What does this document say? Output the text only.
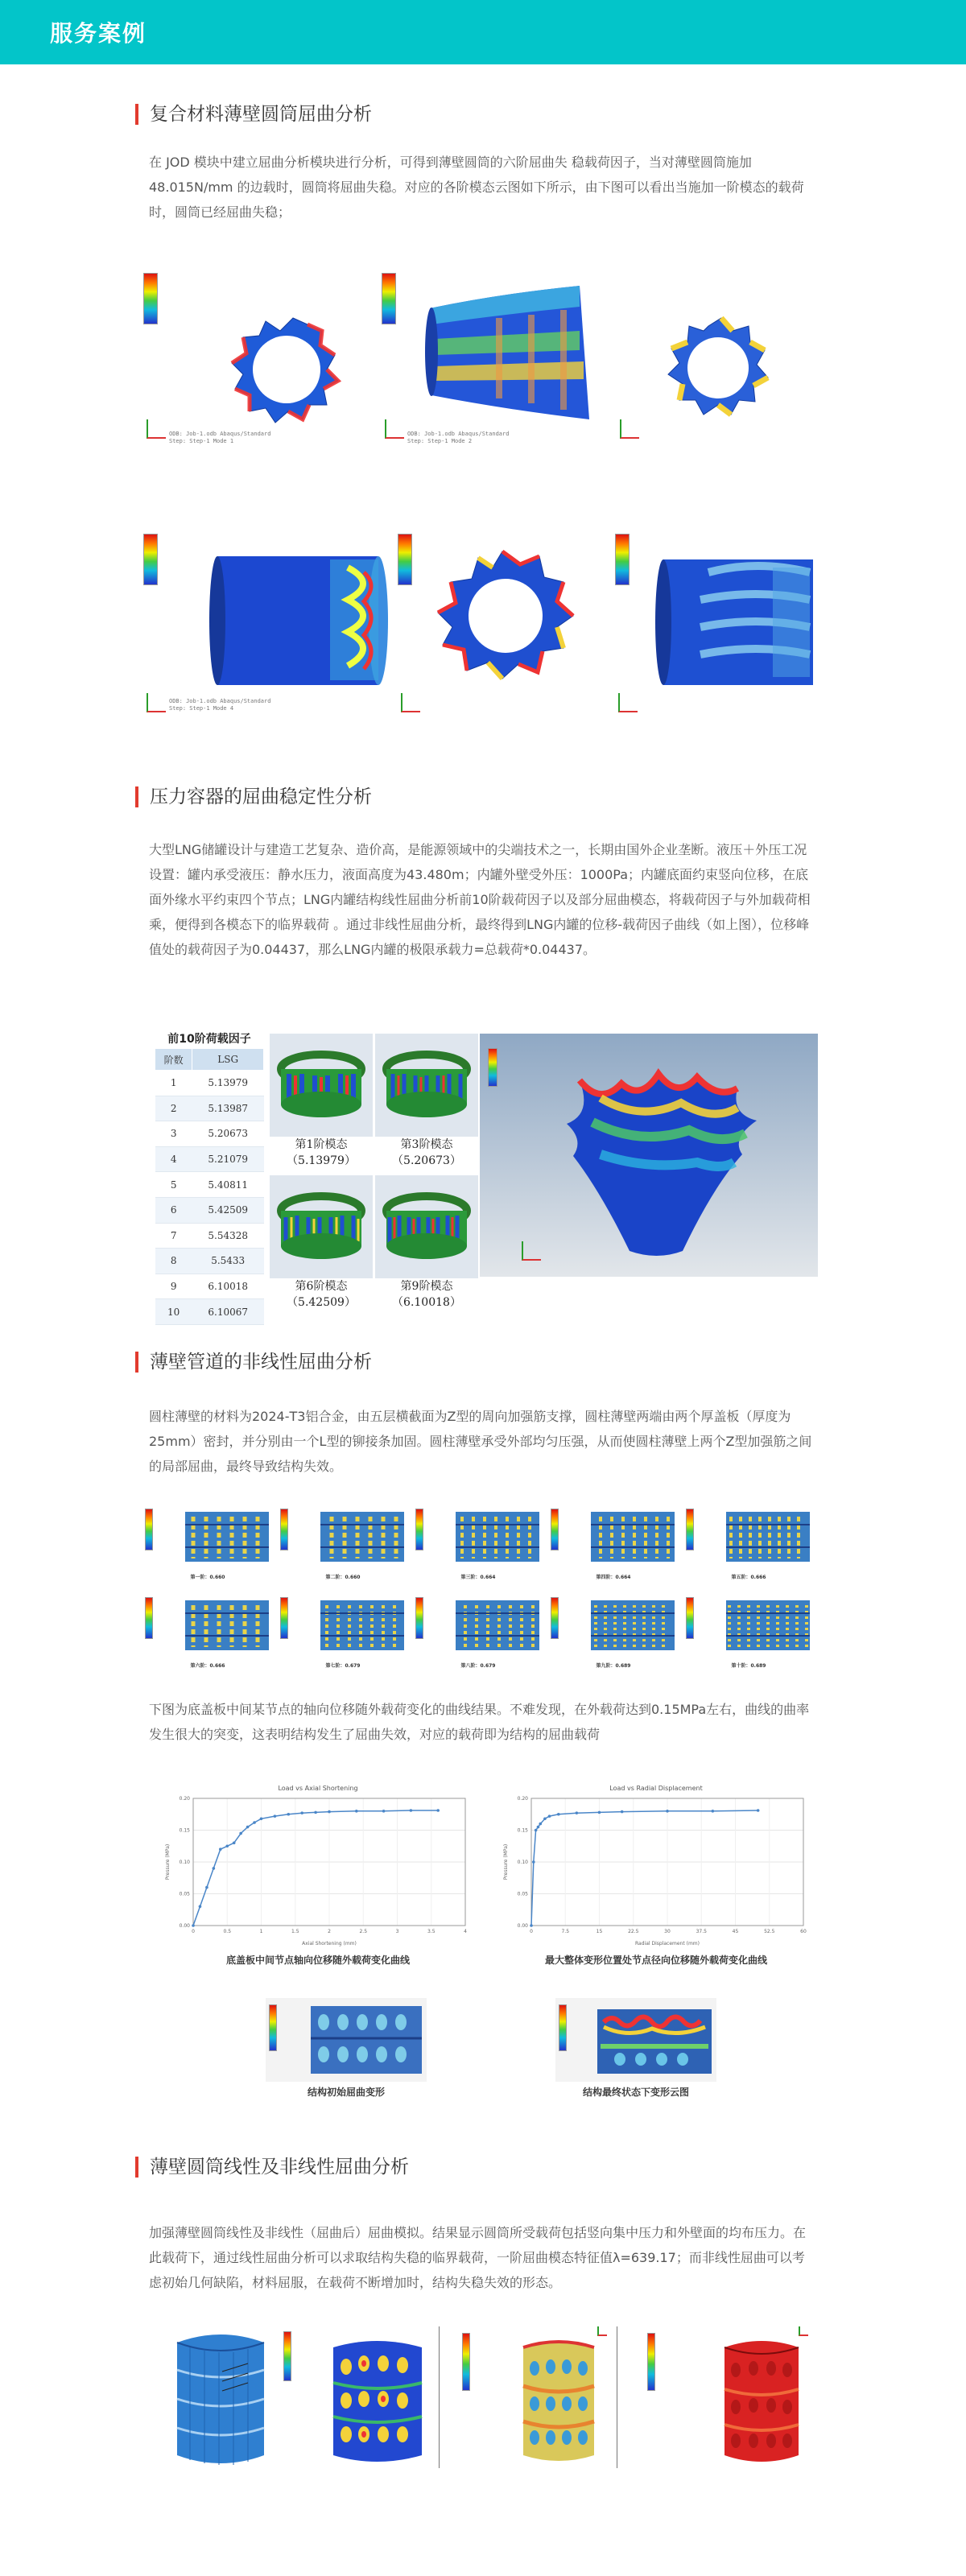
服务案例
复合材料薄壁圆筒屈曲分析

在 JOD 模块中建立屈曲分析模块进行分析，可得到薄壁圆筒的六阶屈曲失 稳载荷因子，当对薄壁圆筒施加 48.015N/mm 的边载时，圆筒将屈曲失稳。对应的各阶模态云图如下所示，由下图可以看出当施加一阶模态的载荷时，圆筒已经屈曲失稳；

ODB: Job-1.odb Abaqus/Standard
Step: Step-1 Mode 1
ODB: Job-1.odb Abaqus/Standard
Step: Step-1 Mode 2
ODB: Job-1.odb Abaqus/Standard
Step: Step-1 Mode 4
压力容器的屈曲稳定性分析

大型LNG储罐设计与建造工艺复杂、造价高，是能源领域中的尖端技术之一，长期由国外企业垄断。液压＋外压工况设置：罐内承受液压：静水压力，液面高度为43.480m；内罐外壁受外压：1000Pa；内罐底面约束竖向位移，在底面外缘水平约束四个节点；LNG内罐结构线性屈曲分析前10阶载荷因子以及部分屈曲模态，将载荷因子与外加载荷相乘，便得到各模态下的临界载荷 。通过非线性屈曲分析，最终得到LNG内罐的位移-载荷因子曲线（如上图），位移峰值处的载荷因子为0.04437，那么LNG内罐的极限承载力=总载荷*0.04437。

前10阶荷载因子
阶数	LSG
1	5.13979
2	5.13987
3	5.20673
4	5.21079
5	5.40811
6	5.42509
7	5.54328
8	5.5433
9	6.10018
10	6.10067
第1阶模态
（5.13979）
第3阶模态
（5.20673）
第6阶模态
（5.42509）
第9阶模态
（6.10018）
薄壁管道的非线性屈曲分析

圆柱薄壁的材料为2024-T3铝合金，由五层横截面为Z型的周向加强筋支撑，圆柱薄壁两端由两个厚盖板（厚度为25mm）密封，并分别由一个L型的铆接条加固。圆柱薄壁承受外部均匀压强，从而使圆柱薄壁上两个Z型加强筋之间的局部屈曲，最终导致结构失效。

第一阶：0.660	第二阶：0.660	第三阶：0.664	第四阶：0.664	第五阶：0.666
第六阶：0.666	第七阶：0.679	第八阶：0.679	第九阶：0.689	第十阶：0.689

下图为底盖板中间某节点的轴向位移随外载荷变化的曲线结果。不难发现，在外载荷达到0.15MPa左右，曲线的曲率发生很大的突变，这表明结构发生了屈曲失效，对应的载荷即为结构的屈曲载荷

Load vs Axial Shortening
0.00
0.05
0.10
0.15
0.20
0	0.5	1	1.5	2	2.5	3	3.5	4
Axial Shortening (mm)
Pressure (MPa)
底盖板中间节点轴向位移随外载荷变化曲线
Load vs Radial Displacement
0.00
0.05
0.10
0.15
0.20
0	7.5	15	22.5	30	37.5	45	52.5	60
Radial Displacement (mm)
Pressure (MPa)
最大整体变形位置处节点径向位移随外载荷变化曲线
结构初始屈曲变形	结构最终状态下变形云图
薄壁圆筒线性及非线性屈曲分析

加强薄壁圆筒线性及非线性（屈曲后）屈曲模拟。结果显示圆筒所受载荷包括竖向集中压力和外壁面的均布压力。在此载荷下，通过线性屈曲分析可以求取结构失稳的临界载荷，一阶屈曲模态特征值λ=639.17；而非线性屈曲可以考虑初始几何缺陷，材料屈服，在载荷不断增加时，结构失稳失效的形态。
